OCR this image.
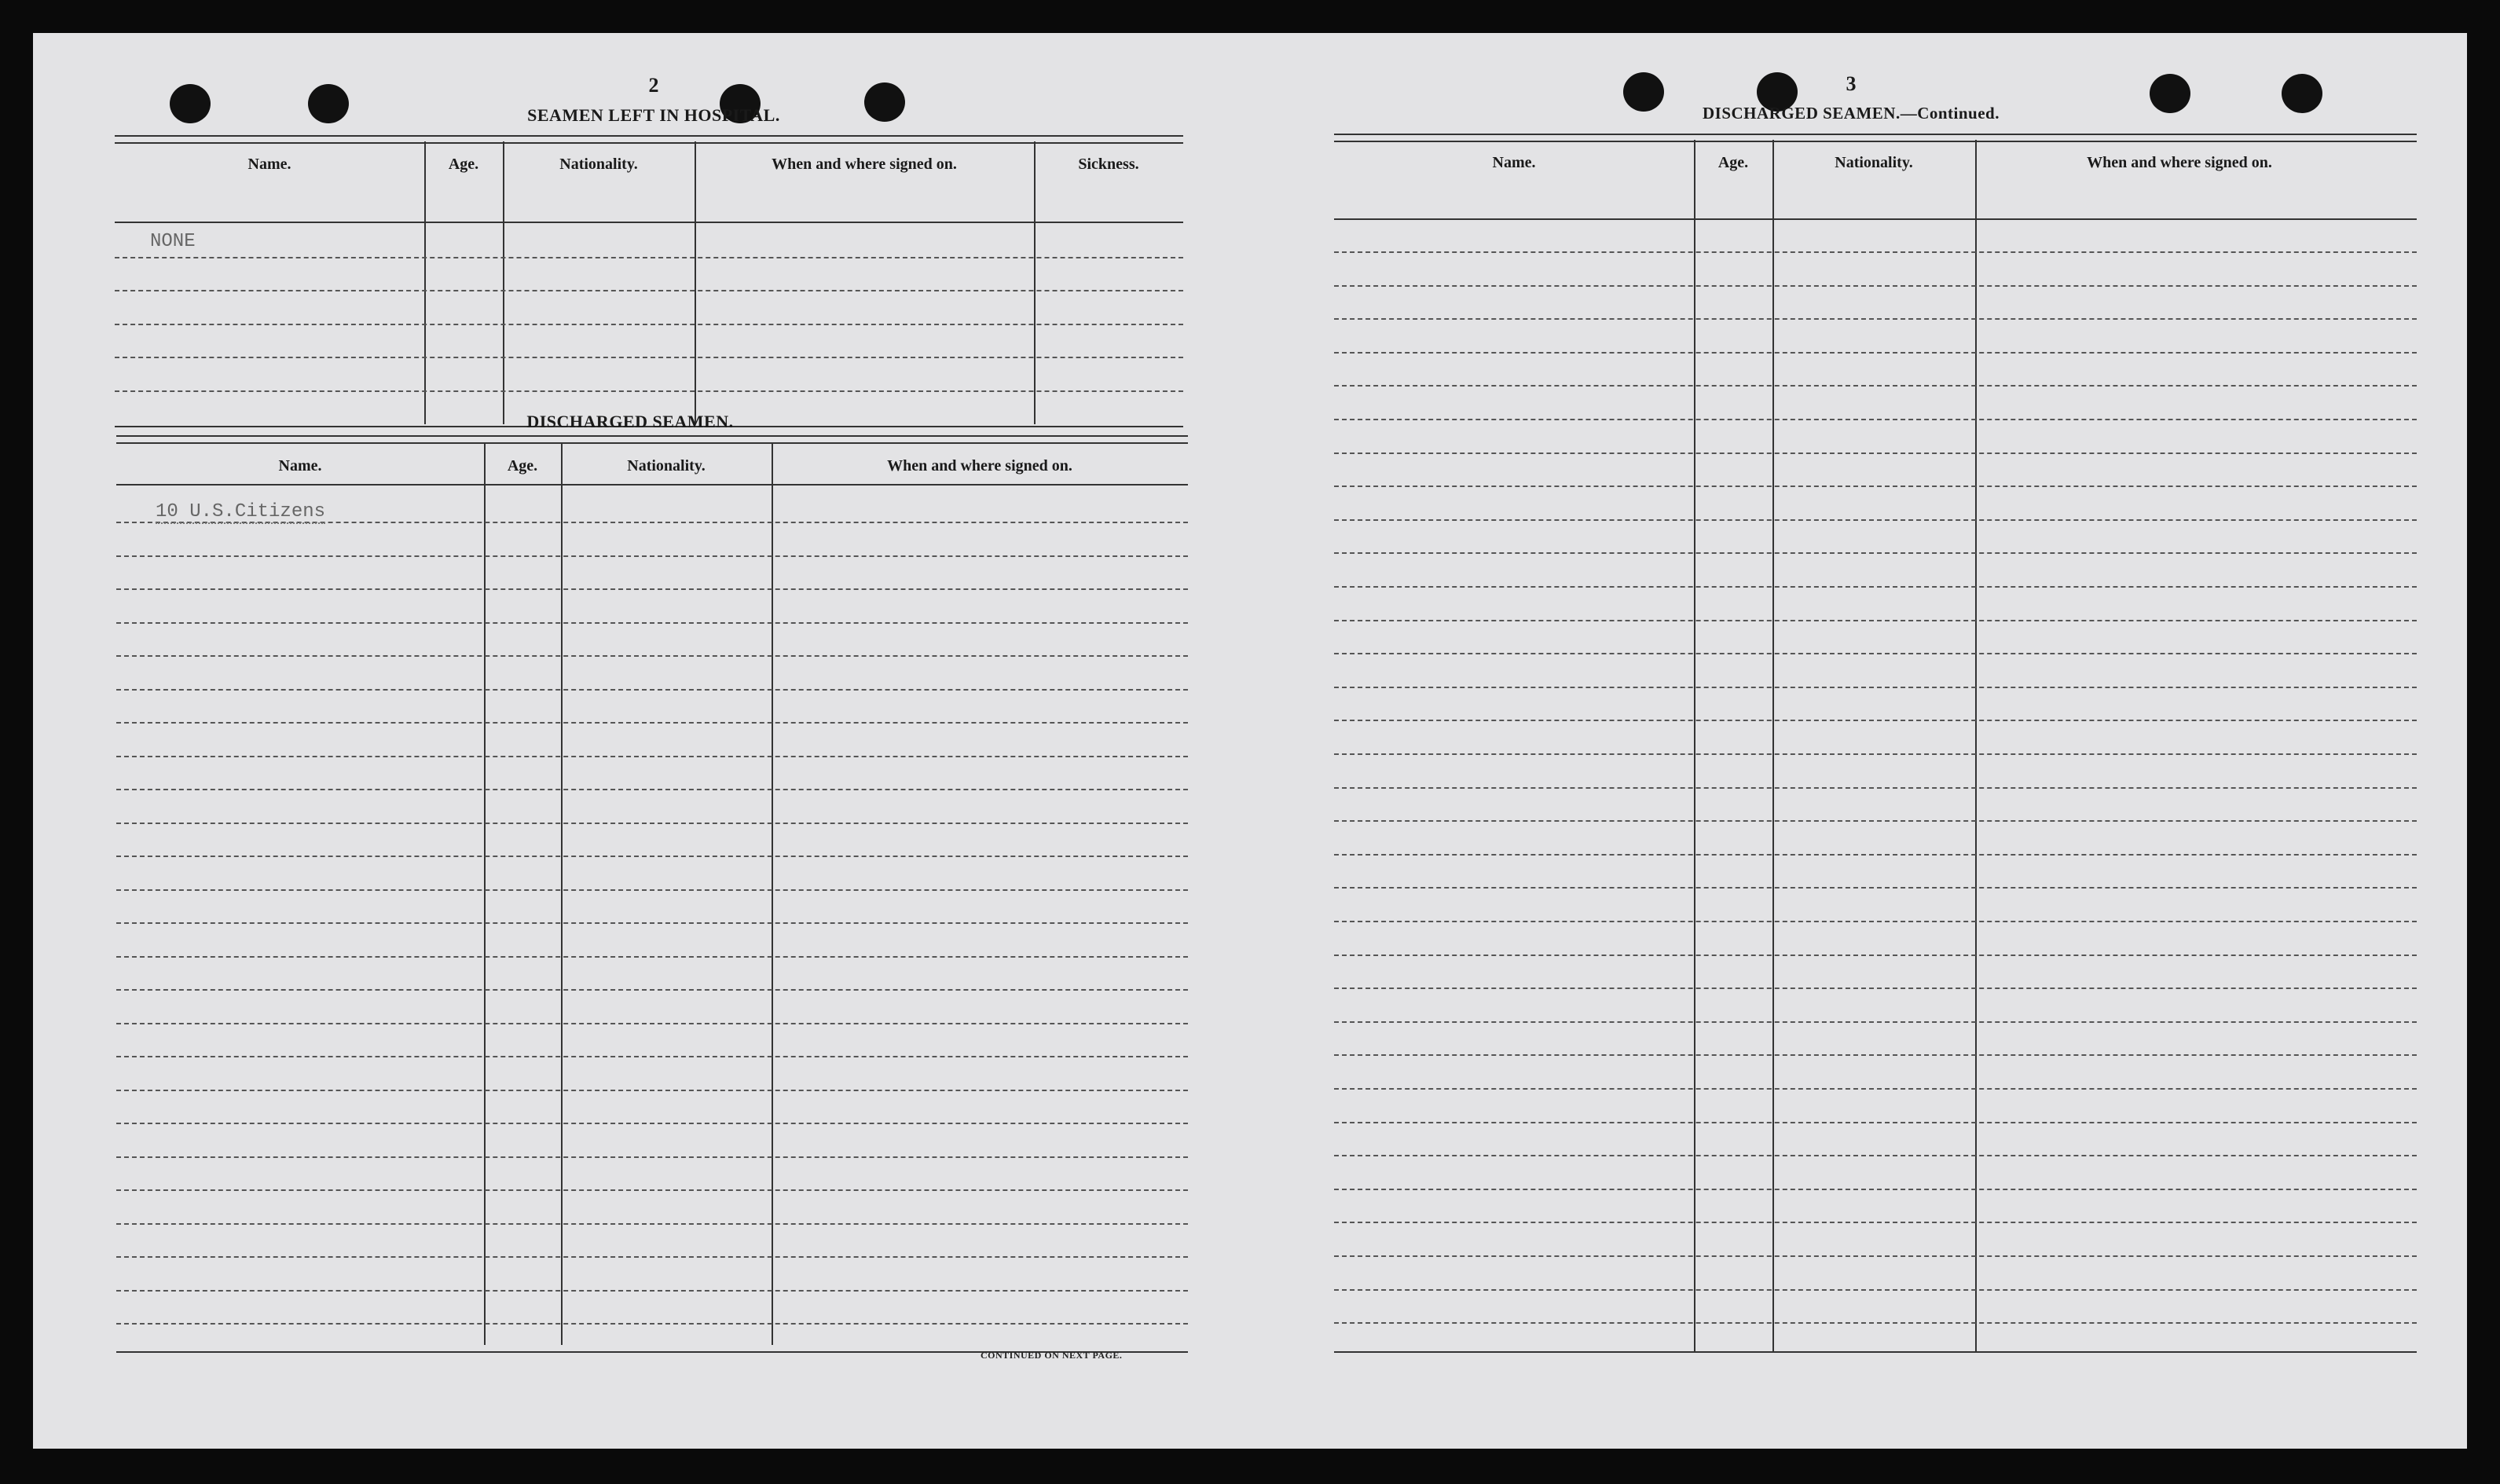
2
SEAMEN LEFT IN HOSPITAL.
Name.	Age.	Nationality.	When and where signed on.	Sickness.
NONE
DISCHARGED SEAMEN.
Name.	Age.	Nationality.	When and where signed on.
10 U.S.Citizens
CONTINUED ON NEXT PAGE.
3
DISCHARGED SEAMEN.—Continued.
Name.	Age.	Nationality.	When and where signed on.
